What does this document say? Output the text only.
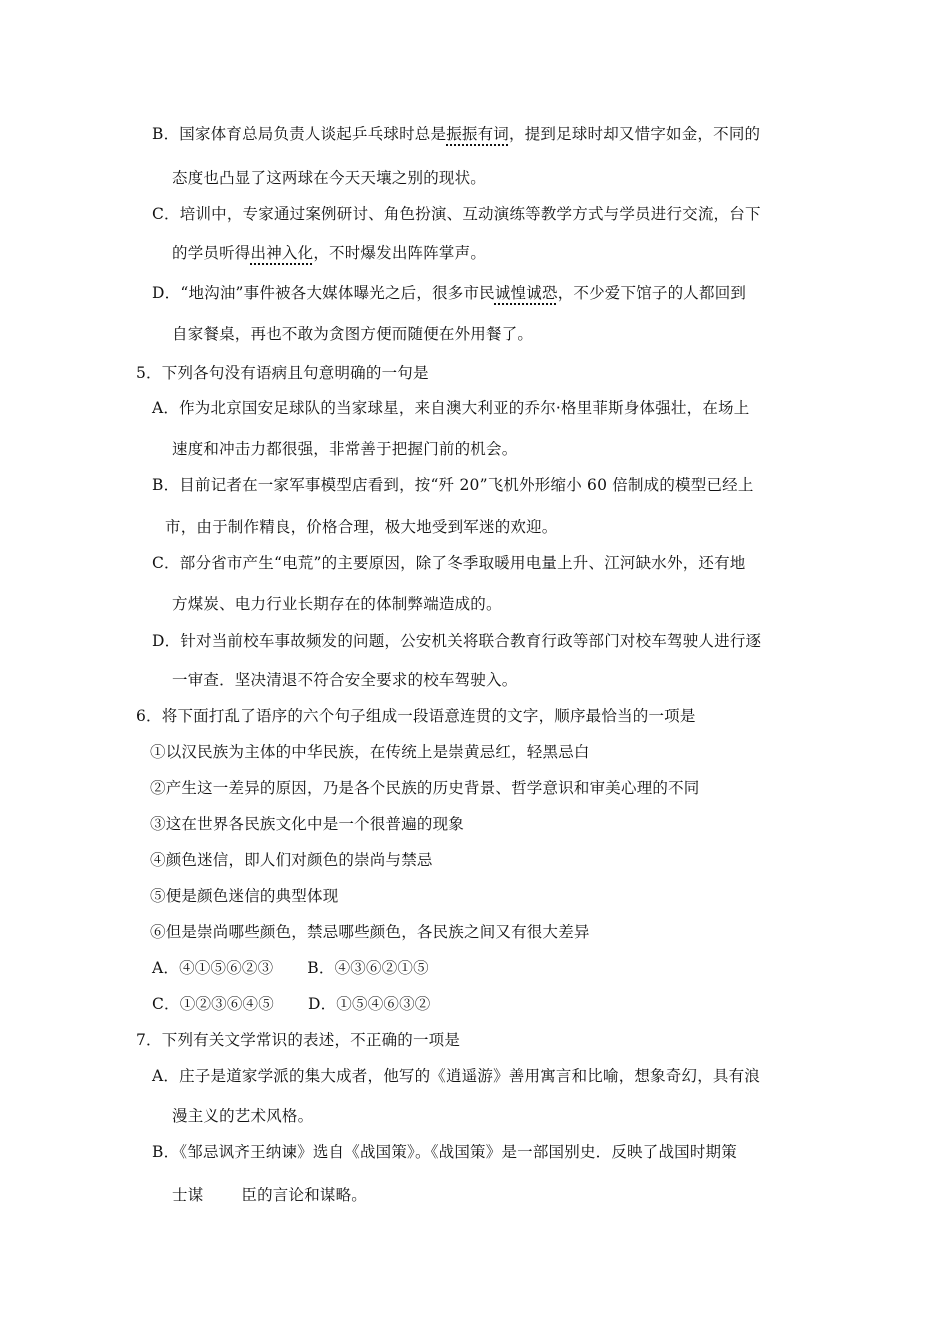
B．国家体育总局负责人谈起乒乓球时总是振振有词，提到足球时却又惜字如金，不同的
态度也凸显了这两球在今天天壤之别的现状。
C．培训中，专家通过案例研讨、角色扮演、互动演练等教学方式与学员进行交流，台下
的学员听得出神入化，不时爆发出阵阵掌声。
D．“地沟油”事件被各大媒体曝光之后，很多市民诚惶诚恐，不少爱下馆子的人都回到
自家餐桌，再也不敢为贪图方便而随便在外用餐了。
5．下列各句没有语病且句意明确的一句是
A．作为北京国安足球队的当家球星，来自澳大利亚的乔尔·格里菲斯身体强壮，在场上
速度和冲击力都很强，非常善于把握门前的机会。
B．目前记者在一家军事模型店看到，按“歼 20”飞机外形缩小 60 倍制成的模型已经上
市，由于制作精良，价格合理，极大地受到军迷的欢迎。
C．部分省市产生“电荒”的主要原因，除了冬季取暖用电量上升、江河缺水外，还有地
方煤炭、电力行业长期存在的体制弊端造成的。
D．针对当前校车事故频发的问题，公安机关将联合教育行政等部门对校车驾驶人进行逐
一审查．坚决清退不符合安全要求的校车驾驶入。
6．将下面打乱了语序的六个句子组成一段语意连贯的文字，顺序最恰当的一项是
①以汉民族为主体的中华民族，在传统上是崇黄忌红，轻黑忌白
②产生这一差异的原因，乃是各个民族的历史背景、哲学意识和审美心理的不同
③这在世界各民族文化中是一个很普遍的现象
④颜色迷信，即人们对颜色的崇尚与禁忌
⑤便是颜色迷信的典型体现
⑥但是崇尚哪些颜色，禁忌哪些颜色，各民族之间又有很大差异
A．④①⑤⑥②③ B．④③⑥②①⑤
C．①②③⑥④⑤ D．①⑤④⑥③②
7．下列有关文学常识的表述，不正确的一项是
A．庄子是道家学派的集大成者，他写的《逍遥游》善用寓言和比喻，想象奇幻，具有浪
漫主义的艺术风格。
B．《邹忌讽齐王纳谏》选自《战国策》。《战国策》是一部国别史．反映了战国时期策
士谋 臣的言论和谋略。
